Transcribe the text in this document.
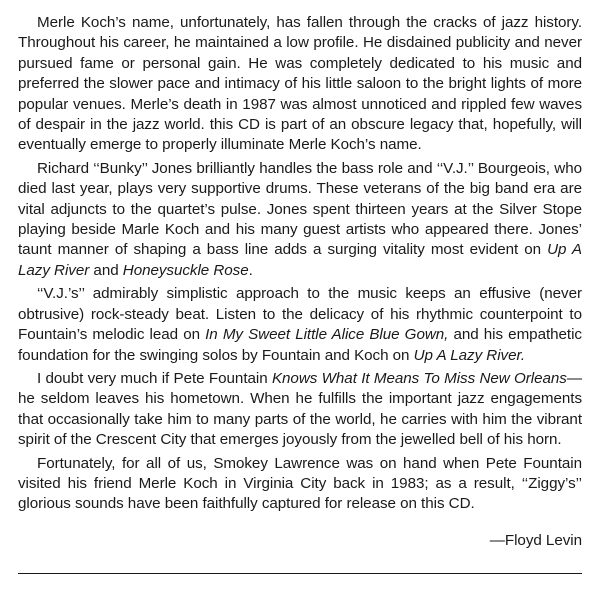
Merle Koch’s name, unfortunately, has fallen through the cracks of jazz history. Throughout his career, he maintained a low profile. He disdained publicity and never pursued fame or personal gain. He was completely dedicated to his music and preferred the slower pace and intimacy of his little saloon to the bright lights of more popular venues. Merle’s death in 1987 was almost unnoticed and rippled few waves of despair in the jazz world. this CD is part of an obscure legacy that, hopefully, will eventually emerge to properly illuminate Merle Koch’s name.

Richard ‘‘Bunky’’ Jones brilliantly handles the bass role and ‘‘V.J.’’ Bourgeois, who died last year, plays very supportive drums. These veterans of the big band era are vital adjuncts to the quartet’s pulse. Jones spent thirteen years at the Silver Stope playing beside Marle Koch and his many guest artists who appeared there. Jones’ taunt manner of shaping a bass line adds a surging vitality most evident on Up A Lazy River and Honeysuckle Rose.

‘‘V.J.’s’’ admirably simplistic approach to the music keeps an effusive (never obtrusive) rock-steady beat. Listen to the delicacy of his rhythmic counterpoint to Fountain’s melodic lead on In My Sweet Little Alice Blue Gown, and his empathetic foundation for the swinging solos by Fountain and Koch on Up A Lazy River.

I doubt very much if Pete Fountain Knows What It Means To Miss New Orleans— he seldom leaves his hometown. When he fulfills the important jazz engagements that occasionally take him to many parts of the world, he carries with him the vibrant spirit of the Crescent City that emerges joyously from the jewelled bell of his horn.

Fortunately, for all of us, Smokey Lawrence was on hand when Pete Fountain visited his friend Merle Koch in Virginia City back in 1983; as a result, ‘‘Ziggy’s’’ glorious sounds have been faithfully captured for release on this CD.

—Floyd Levin
